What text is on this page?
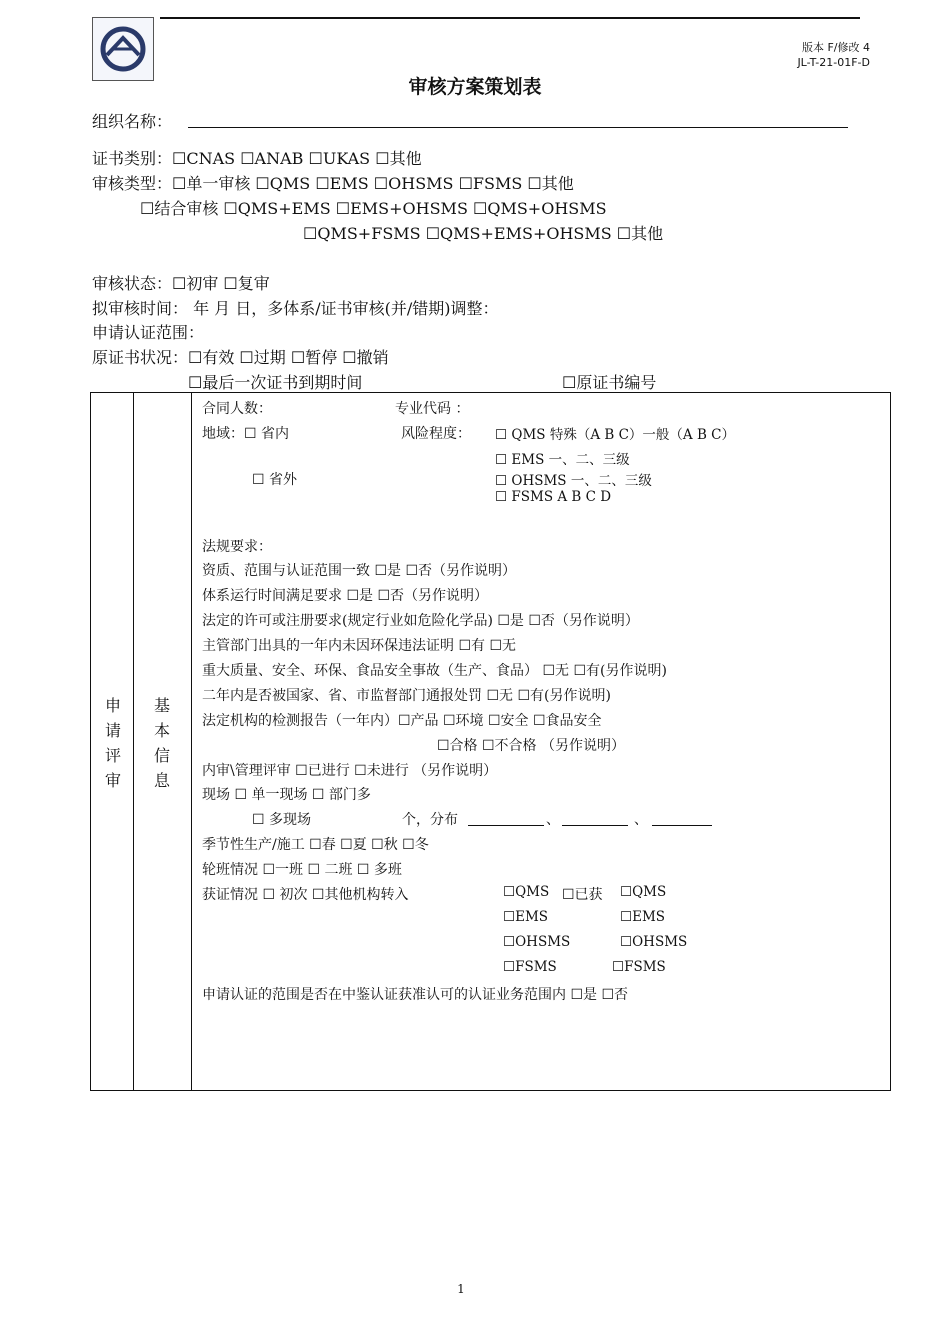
版本 F/修改 4
JL-T-21-01F-D
审核方案策划表
组织名称：
证书类别：☐CNAS ☐ANAB ☐UKAS ☐其他
审核类型：☐单一审核 ☐QMS ☐EMS ☐OHSMS ☐FSMS ☐其他
☐结合审核 ☐QMS+EMS ☐EMS+OHSMS ☐QMS+OHSMS
☐QMS+FSMS ☐QMS+EMS+OHSMS ☐其他
审核状态：☐初审 ☐复审
拟审核时间： 年 月 日，多体系/证书审核(并/错期)调整：
申请认证范围：
原证书状况：☐有效 ☐过期 ☐暂停 ☐撤销
☐最后一次证书到期时间	☐原证书编号
申
请
评
审
基
本
信
息
合同人数：	专业代码 ：
地域：☐ 省内	风险程度： ☐ QMS 特殊（A B C）一般（A B C）
☐ EMS 一、二、三级
☐ 省外	☐ OHSMS 一、二、三级
☐ FSMS A B C D
法规要求：
资质、范围与认证范围一致 ☐是 ☐否（另作说明）
体系运行时间满足要求 ☐是 ☐否（另作说明）
法定的许可或注册要求(规定行业如危险化学品) ☐是 ☐否（另作说明）
主管部门出具的一年内未因环保违法证明 ☐有 ☐无
重大质量、安全、环保、食品安全事故（生产、食品） ☐无 ☐有(另作说明)
二年内是否被国家、省、市监督部门通报处罚 ☐无 ☐有(另作说明)
法定机构的检测报告（一年内）☐产品 ☐环境 ☐安全 ☐食品安全
☐合格 ☐不合格 （另作说明）
内审\管理评审 ☐已进行 ☐未进行 （另作说明）
现场 ☐ 单一现场 ☐ 部门多
☐ 多现场	个，分布	、	、
季节性生产/施工 ☐春 ☐夏 ☐秋 ☐冬
轮班情况 ☐一班 ☐ 二班 ☐ 多班
获证情况 ☐ 初次 ☐其他机构转入	☐QMS ☐已获 ☐QMS
☐EMS	☐EMS
☐OHSMS	☐OHSMS
☐FSMS	☐FSMS
申请认证的范围是否在中鉴认证获准认可的认证业务范围内 ☐是 ☐否
1
